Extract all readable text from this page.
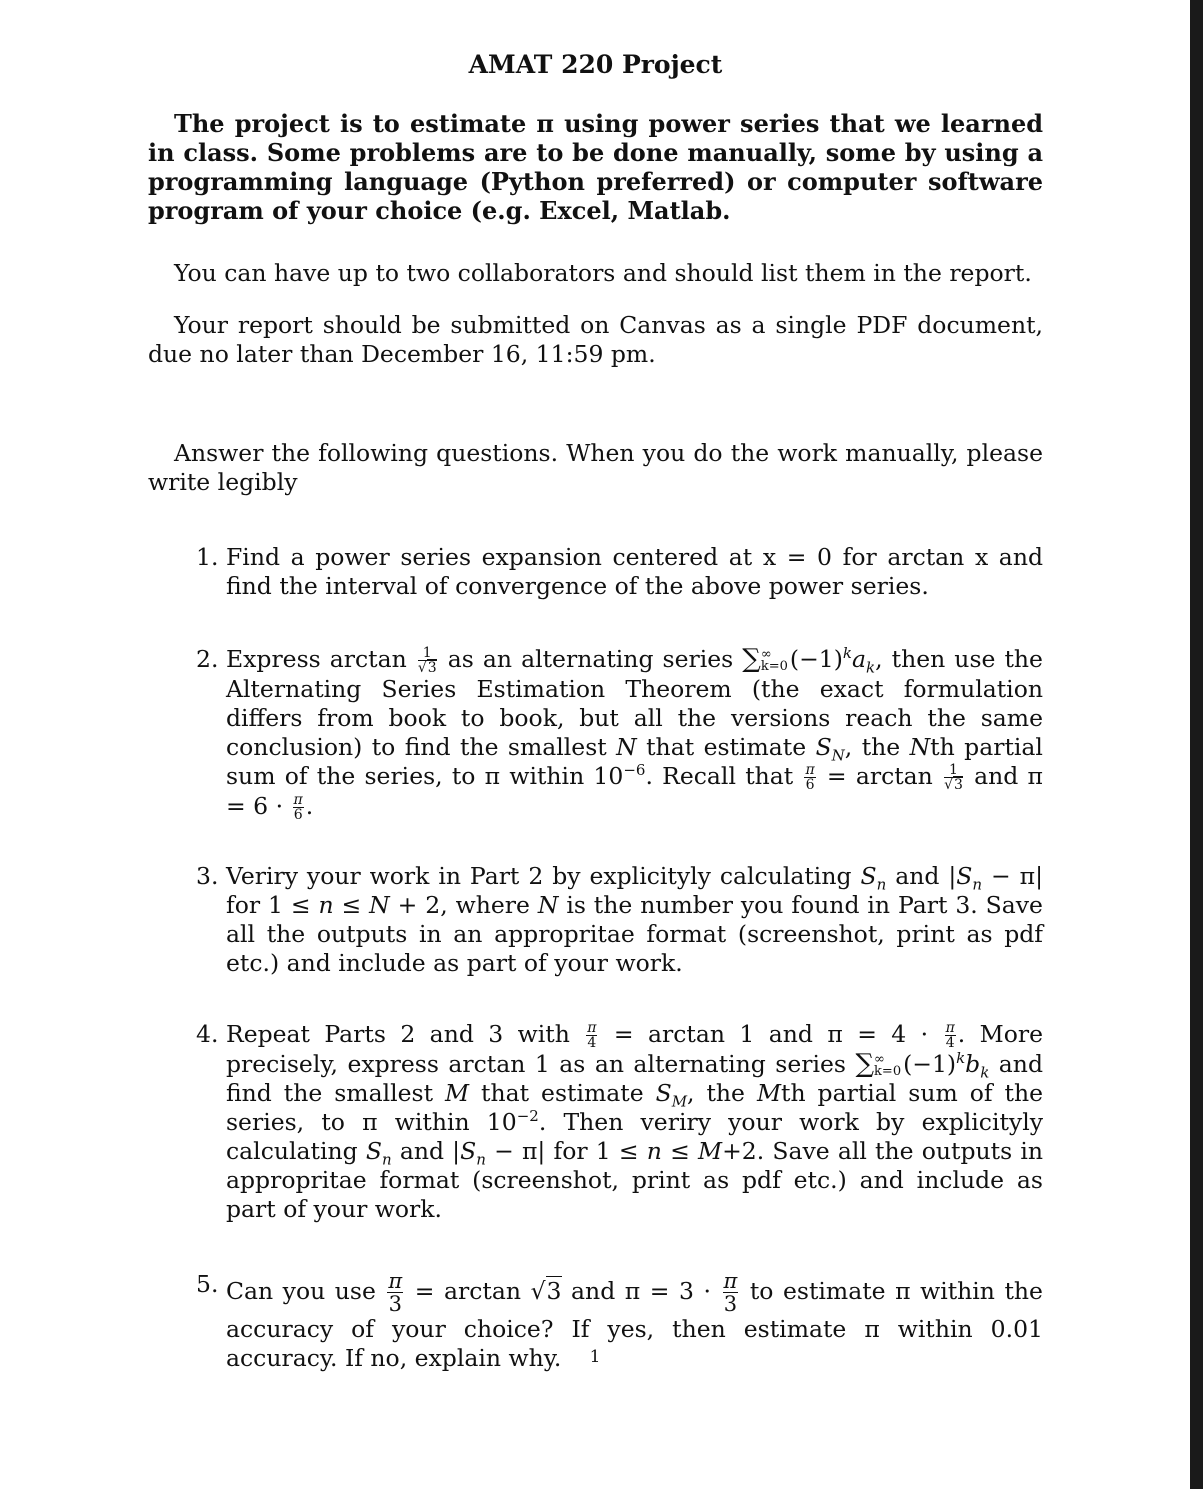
AMAT 220 Project
The project is to estimate π using power series that we learned in class. Some problems are to be done manually, some by using a programming language (Python preferred) or computer software program of your choice (e.g. Excel, Matlab.
You can have up to two collaborators and should list them in the report.
Your report should be submitted on Canvas as a single PDF document, due no later than December 16, 11:59 pm.
Answer the following questions. When you do the work manually, please write legibly
1. Find a power series expansion centered at x = 0 for arctan x and find the interval of convergence of the above power series.
2. Express $\arctan \frac{1}{√3}$ as an alternating series ∑ ∞
k=0 $(-1)^ka_k$, then use the Alternating Series Estimation Theorem (the exact formulation differs from book to book, but all the versions reach the same conclusion) to find the smallest N that estimate $S_N$, the Nth partial sum of the series, to π within $10^{-6}$. Recall that $\frac{\pi}{6} = \arctan \frac{1}{√3}$ and $\pi = 6 \cdot \frac{\pi}{6}$ .
3. Veriry your work in Part 2 by explicityly calculating $S_n$ and $|S_n - \pi|$ for 1 ≤ n ≤ N + 2, where N is the number you found in Part 3. Save all the outputs in an appropritae format (screenshot, print as pdf etc.) and include as part of your work.
4. Repeat Parts 2 and 3 with $\frac{\pi}{4} = \arctan 1$ and $\pi = 4 \cdot \frac{\pi}{4}$ . More precisely, express arctan 1 as an alternating series ∑ ∞
k=0 $(-1)^kb_k$ and find the smallest M that estimate $S_M$, the Mth partial sum of the series, to π within $10^{-2}$. Then veriry your work by explicityly calculating $S_n$ and $|S_n - \pi|$ for 1 ≤ n ≤ M+2. Save all the outputs in appropritae format (screenshot, print as pdf etc.) and include as part of your work.
5. Can you use $\frac{\pi}{3} = \arctan √3$ and $\pi = 3 \cdot \frac{\pi}{3}$ to estimate π within the accuracy of your choice? If yes, then estimate π within 0.01 accuracy. If no, explain why.	1
